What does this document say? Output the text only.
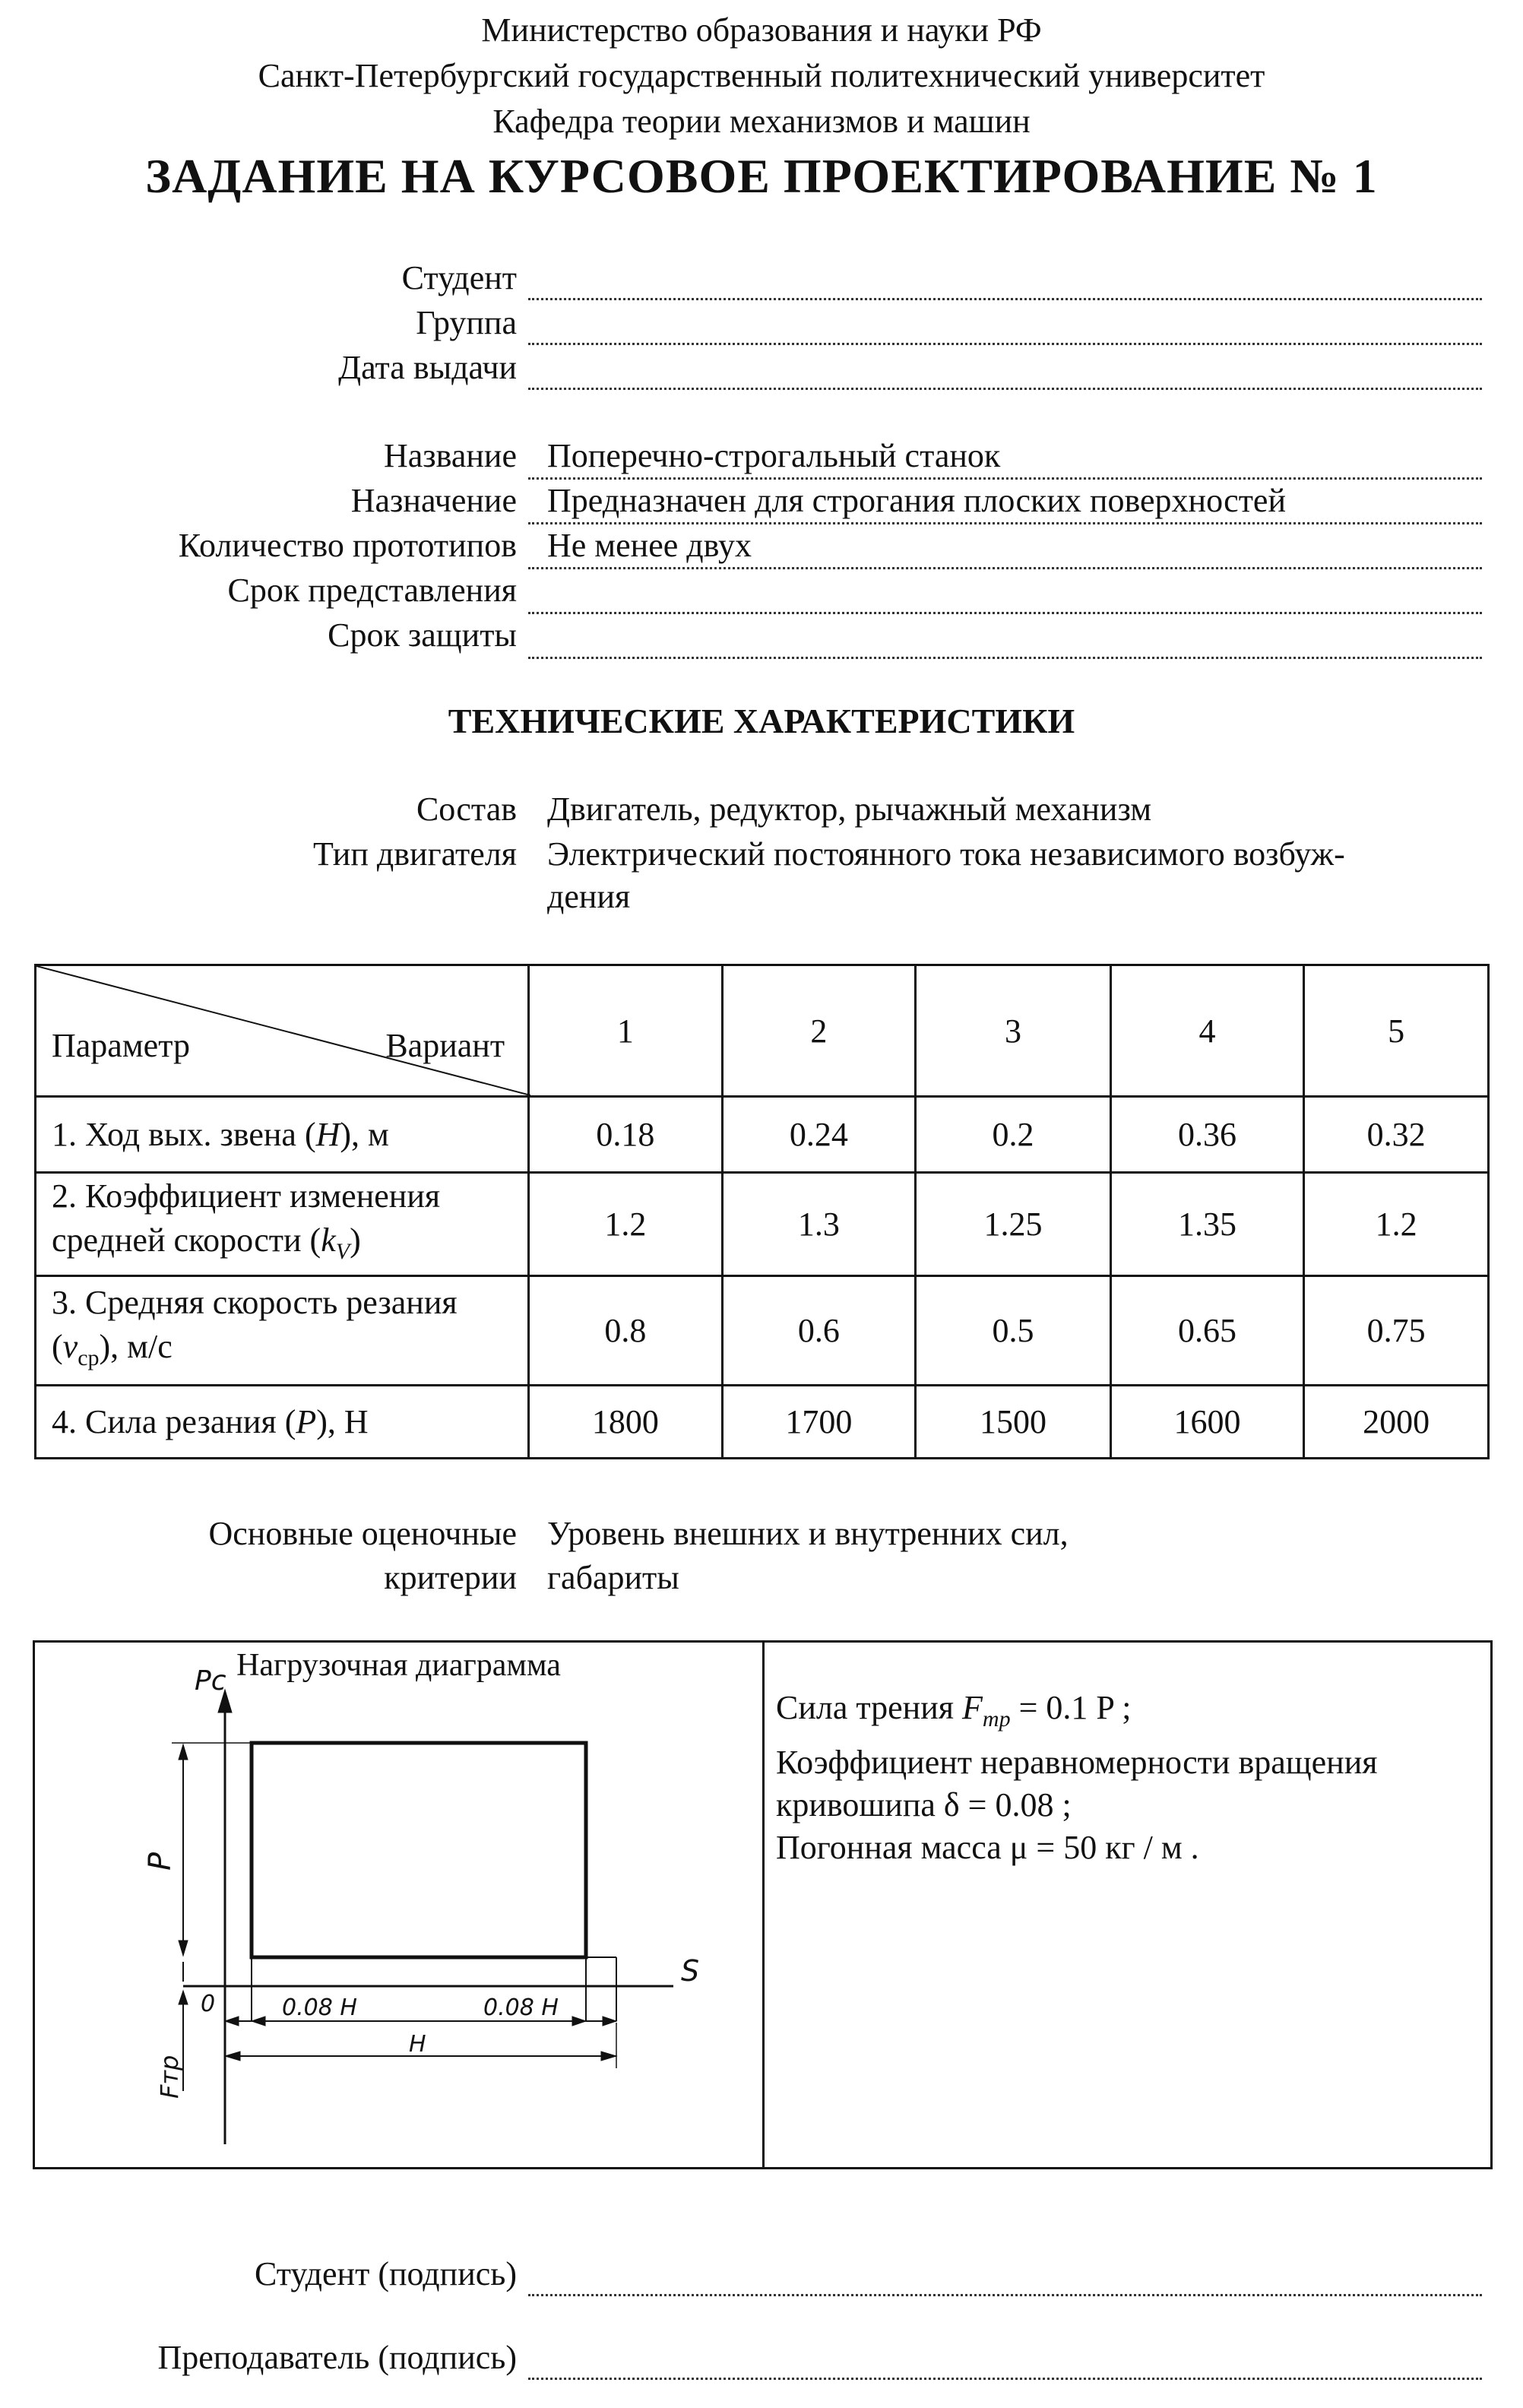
Министерство образования и науки РФ
Санкт-Петербургский государственный политехнический университет
Кафедра теории механизмов и машин
ЗАДАНИЕ НА КУРСОВОЕ ПРОЕКТИРОВАНИЕ № 1
Студент
Группа
Дата выдачи
Название Поперечно-строгальный станок
Назначение Предназначен для строгания плоских поверхностей
Количество прототипов Не менее двух
Срок представления
Срок защиты
ТЕХНИЧЕСКИЕ ХАРАКТЕРИСТИКИ
Состав Двигатель, редуктор, рычажный механизм
Тип двигателя Электрический постоянного тока независимого возбуж-
дения
Параметр Вариант	1	2	3	4	5
1. Ход вых. звена (H), м	0.18	0.24	0.2	0.36	0.32
2. Коэффициент изменения
средней скорости $(k_V)$	1.2	1.3	1.25	1.35	1.2
3. Средняя скорость резания
$(v_{ср})$, м/с	0.8	0.6	0.5	0.65	0.75
4. Сила резания (P), Н	1800	1700	1500	1600	2000
Основные оценочные
критерии
Уровень внешних и внутренних сил,
габариты
Нагрузочная диаграмма
Pc
S
P
Fтр
0	0.08 H	0.08 H
H
Сила трения $F_{тр} = 0.1$ P ;
Коэффициент неравномерности вращения
кривошипа δ = 0.08 ;
Погонная масса μ = 50 кг / м .
Студент (подпись)
Преподаватель (подпись)
